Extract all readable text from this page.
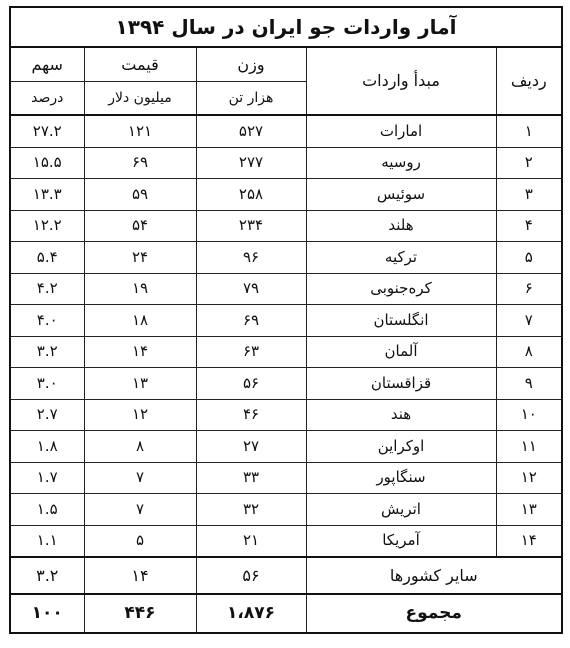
آمار واردات جو ایران در سال ۱۳۹۴				
ردیف	مبدأ واردات	وزن	قیمت	سهم
		هزار تن	میلیون دلار	درصد
۱	امارات	۵۲۷	۱۲۱	۲۷.۲
۲	روسیه	۲۷۷	۶۹	۱۵.۵
۳	سوئیس	۲۵۸	۵۹	۱۳.۳
۴	هلند	۲۳۴	۵۴	۱۲.۲
۵	ترکیه	۹۶	۲۴	۵.۴
۶	کره‌جنوبی	۷۹	۱۹	۴.۲
۷	انگلستان	۶۹	۱۸	۴.۰
۸	آلمان	۶۳	۱۴	۳.۲
۹	قزاقستان	۵۶	۱۳	۳.۰
۱۰	هند	۴۶	۱۲	۲.۷
۱۱	اوکراین	۲۷	۸	۱.۸
۱۲	سنگاپور	۳۳	۷	۱.۷
۱۳	اتریش	۳۲	۷	۱.۵
۱۴	آمریکا	۲۱	۵	۱.۱
سایر کشورها		۵۶	۱۴	۳.۲
مجموع		۱،۸۷۶	۴۴۶	۱۰۰
